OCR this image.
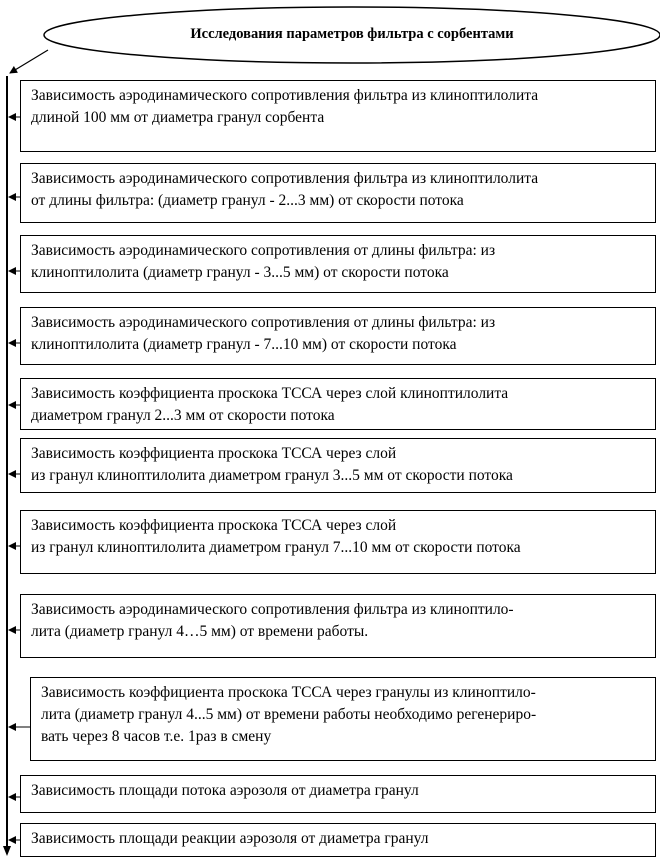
Исследования параметров фильтра с сорбентами
Зависимость аэродинамического сопротивления фильтра из клиноптилолита
длиной 100 мм от диаметра гранул сорбента
Зависимость аэродинамического сопротивления фильтра из клиноптилолита
от длины фильтра: (диаметр гранул - 2...3 мм) от скорости потока
Зависимость аэродинамического сопротивления от длины фильтра: из
клиноптилолита (диаметр гранул - 3...5 мм) от скорости потока
Зависимость аэродинамического сопротивления от длины фильтра: из
клиноптилолита (диаметр гранул - 7...10 мм) от скорости потока
Зависимость коэффициента проскока ТССА через слой клиноптилолита
диаметром гранул 2...3 мм от скорости потока
Зависимость коэффициента проскока ТССА через слой
из гранул клиноптилолита диаметром гранул 3...5 мм от скорости потока
Зависимость коэффициента проскока ТССА через слой
из гранул клиноптилолита диаметром гранул 7...10 мм от скорости потока
Зависимость аэродинамического сопротивления фильтра из клиноптило-
лита (диаметр гранул 4…5 мм) от времени работы.
Зависимость коэффициента проскока ТССА через гранулы из клиноптило-
лита (диаметр гранул 4...5 мм) от времени работы необходимо регенериро-
вать через 8 часов т.е. 1раз в смену
Зависимость площади потока аэрозоля от диаметра гранул
Зависимость площади реакции аэрозоля от диаметра гранул
